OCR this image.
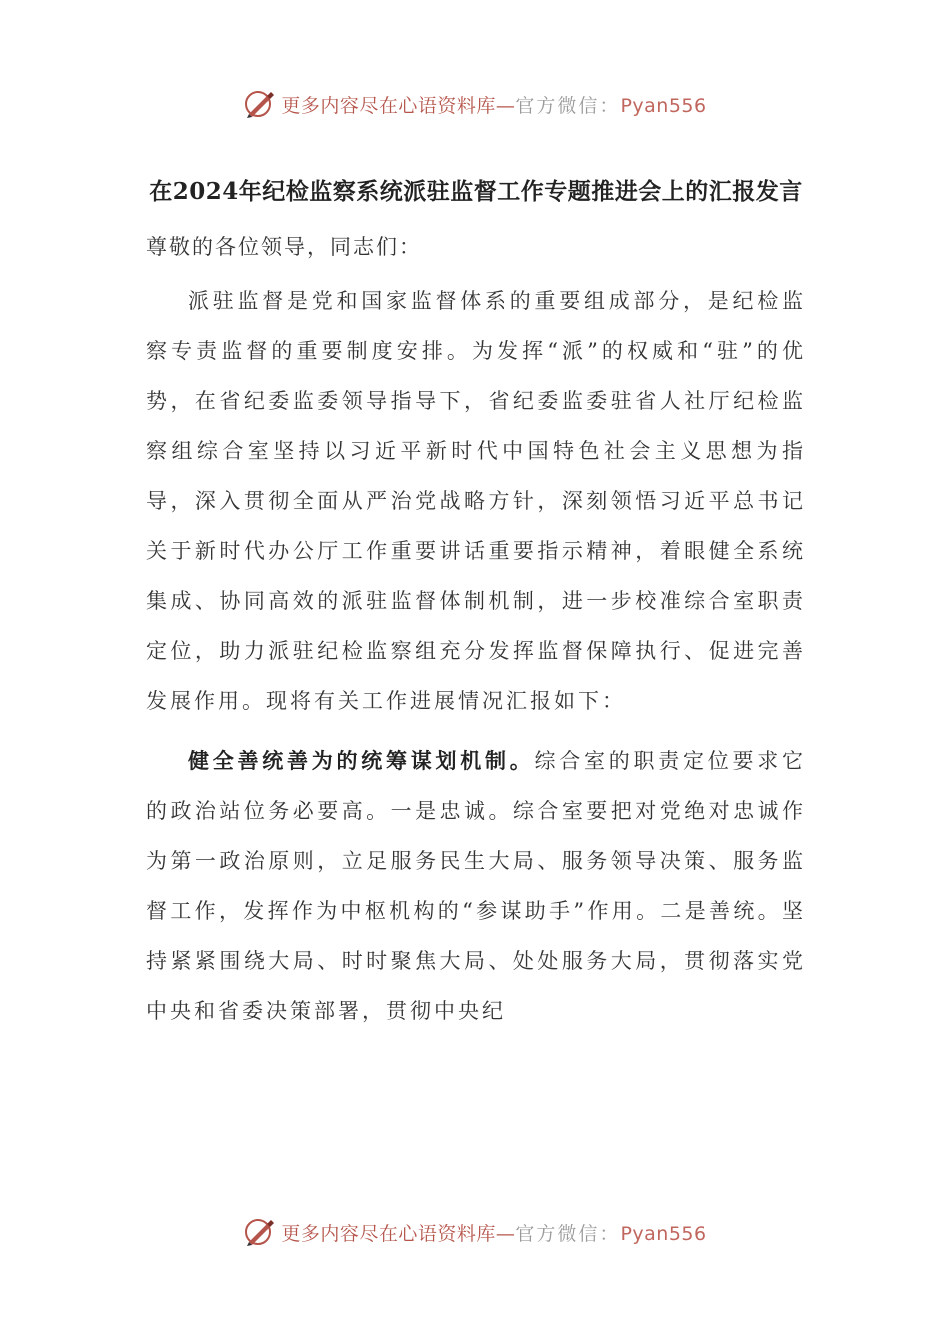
更多内容尽在心语资料库—官方微信：Pyan556
在2024年纪检监察系统派驻监督工作专题推进会上的汇报发言
尊敬的各位领导，同志们：

派驻监督是党和国家监督体系的重要组成部分，是纪检监察专责监督的重要制度安排。为发挥“派”的权威和“驻”的优势，在省纪委监委领导指导下，省纪委监委驻省人社厅纪检监察组综合室坚持以习近平新时代中国特色社会主义思想为指导，深入贯彻全面从严治党战略方针，深刻领悟习近平总书记关于新时代办公厅工作重要讲话重要指示精神，着眼健全系统集成、协同高效的派驻监督体制机制，进一步校准综合室职责定位，助力派驻纪检监察组充分发挥监督保障执行、促进完善发展作用。现将有关工作进展情况汇报如下：

健全善统善为的统筹谋划机制。综合室的职责定位要求它的政治站位务必要高。一是忠诚。综合室要把对党绝对忠诚作为第一政治原则，立足服务民生大局、服务领导决策、服务监督工作，发挥作为中枢机构的“参谋助手”作用。二是善统。坚持紧紧围绕大局、时时聚焦大局、处处服务大局，贯彻落实党中央和省委决策部署，贯彻中央纪

更多内容尽在心语资料库—官方微信：Pyan556
